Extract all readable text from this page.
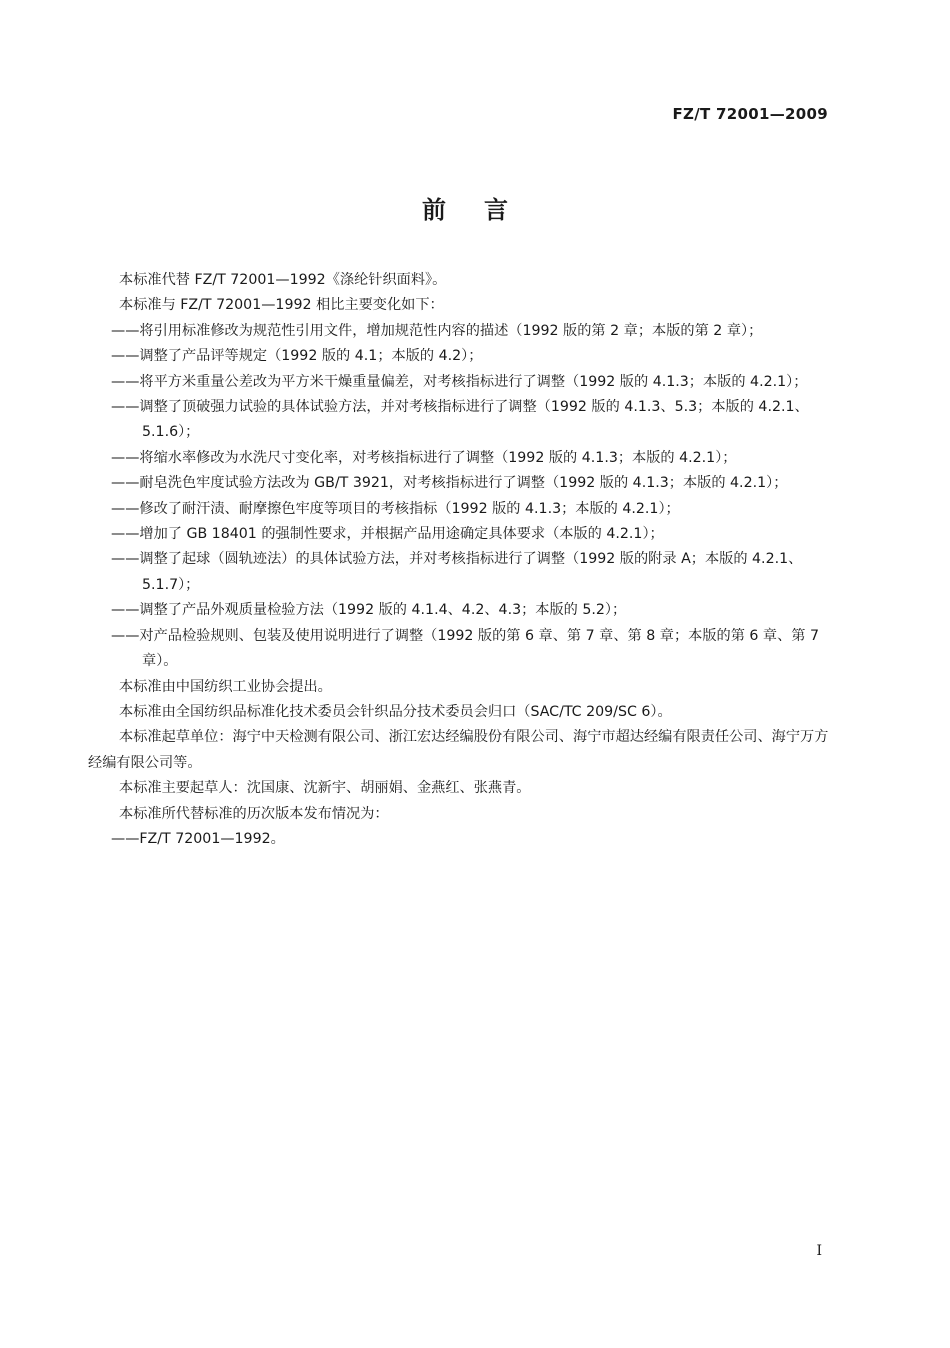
FZ/T 72001—2009
前言

本标准代替 FZ/T 72001—1992《涤纶针织面料》。

本标准与 FZ/T 72001—1992 相比主要变化如下：

——将引用标准修改为规范性引用文件，增加规范性内容的描述（1992 版的第 2 章；本版的第 2 章）；

——调整了产品评等规定（1992 版的 4.1；本版的 4.2）；

——将平方米重量公差改为平方米干燥重量偏差，对考核指标进行了调整（1992 版的 4.1.3；本版的 4.2.1）；

——调整了顶破强力试验的具体试验方法，并对考核指标进行了调整（1992 版的 4.1.3、5.3；本版的 4.2.1、5.1.6）；

——将缩水率修改为水洗尺寸变化率，对考核指标进行了调整（1992 版的 4.1.3；本版的 4.2.1）；

——耐皂洗色牢度试验方法改为 GB/T 3921，对考核指标进行了调整（1992 版的 4.1.3；本版的 4.2.1）；

——修改了耐汗渍、耐摩擦色牢度等项目的考核指标（1992 版的 4.1.3；本版的 4.2.1）；

——增加了 GB 18401 的强制性要求，并根据产品用途确定具体要求（本版的 4.2.1）；

——调整了起球（圆轨迹法）的具体试验方法，并对考核指标进行了调整（1992 版的附录 A；本版的 4.2.1、5.1.7）；

——调整了产品外观质量检验方法（1992 版的 4.1.4、4.2、4.3；本版的 5.2）；

——对产品检验规则、包装及使用说明进行了调整（1992 版的第 6 章、第 7 章、第 8 章；本版的第 6 章、第 7 章）。

本标准由中国纺织工业协会提出。

本标准由全国纺织品标准化技术委员会针织品分技术委员会归口（SAC/TC 209/SC 6）。

本标准起草单位：海宁中天检测有限公司、浙江宏达经编股份有限公司、海宁市超达经编有限责任公司、海宁万方经编有限公司等。

本标准主要起草人：沈国康、沈新宇、胡丽娟、金燕红、张燕青。

本标准所代替标准的历次版本发布情况为：

——FZ/T 72001—1992。

I
